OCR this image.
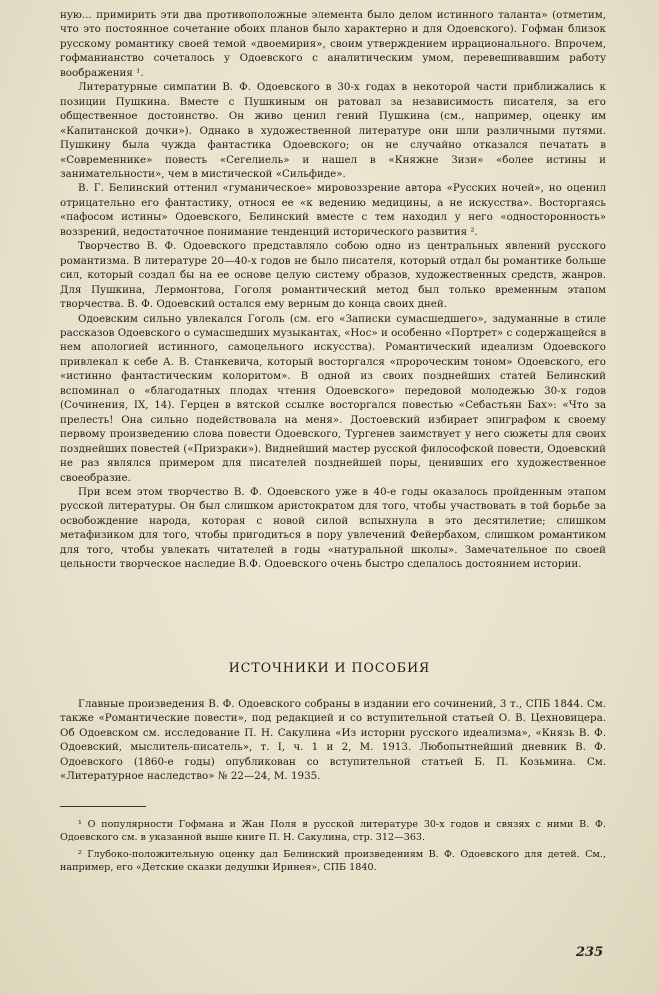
ную... примирить эти два противоположные элемента было делом истинного таланта» (отметим, что это постоянное сочетание обоих планов было характерно и для Одоевского). Гофман близок русскому романтику своей темой «двоемирия», своим утверждением иррационального. Впрочем, гофманианство сочеталось у Одоевского с аналитическим умом, перевешивавшим работу воображения ¹.

Литературные симпатии В. Ф. Одоевского в 30-х годах в некоторой части приближались к позиции Пушкина. Вместе с Пушкиным он ратовал за независимость писателя, за его общественное достоинство. Он живо ценил гений Пушкина (см., например, оценку им «Капитанской дочки»). Однако в художественной литературе они шли различными путями. Пушкину была чужда фантастика Одоевского; он не случайно отказался печатать в «Современнике» повесть «Сегелиель» и нашел в «Княжне Зизи» «более истины и занимательности», чем в мистической «Сильфиде».

В. Г. Белинский оттенил «гуманическое» мировоззрение автора «Русских ночей», но оценил отрицательно его фантастику, относя ее «к ведению медицины, а не искусства». Восторгаясь «пафосом истины» Одоевского, Белинский вместе с тем находил у него «односторонность» воззрений, недостаточное понимание тенденций исторического развития ².

Творчество В. Ф. Одоевского представляло собою одно из центральных явлений русского романтизма. В литературе 20—40-х годов не было писателя, который отдал бы романтике больше сил, который создал бы на ее основе целую систему образов, художественных средств, жанров. Для Пушкина, Лермонтова, Гоголя романтический метод был только временным этапом творчества. В. Ф. Одоевский остался ему верным до конца своих дней.

Одоевским сильно увлекался Гоголь (см. его «Записки сумасшедшего», задуманные в стиле рассказов Одоевского о сумасшедших музыкантах, «Нос» и особенно «Портрет» с содержащейся в нем апологией истинного, самоцельного искусства). Романтический идеализм Одоевского привлекал к себе А. В. Станкевича, который восторгался «пророческим тоном» Одоевского, его «истинно фантастическим колоритом». В одной из своих позднейших статей Белинский вспоминал о «благодатных плодах чтения Одоевского» передовой молодежью 30-х годов (Сочинения, IX, 14). Герцен в вятской ссылке восторгался повестью «Себастьян Бах»: «Что за прелесть! Она сильно подействовала на меня». Достоевский избирает эпиграфом к своему первому произведению слова повести Одоевского, Тургенев заимствует у него сюжеты для своих позднейших повестей («Призраки»). Виднейший мастер русской философской повести, Одоевский не раз являлся примером для писателей позднейшей поры, ценивших его художественное своеобразие.

При всем этом творчество В. Ф. Одоевского уже в 40-е годы оказалось пройденным этапом русской литературы. Он был слишком аристократом для того, чтобы участвовать в той борьбе за освобождение народа, которая с новой силой вспыхнула в это десятилетие; слишком метафизиком для того, чтобы пригодиться в пору увлечений Фейербахом, слишком романтиком для того, чтобы увлекать читателей в годы «натуральной школы». Замечательное по своей цельности творческое наследие В.Ф. Одоевского очень быстро сделалось достоянием истории.

ИСТОЧНИКИ И ПОСОБИЯ

Главные произведения В. Ф. Одоевского собраны в издании его сочинений, 3 т., СПБ 1844. См. также «Романтические повести», под редакцией и со вступительной статьей О. В. Цехновицера. Об Одоевском см. исследование П. Н. Сакулина «Из истории русского идеализма», «Князь В. Ф. Одоевский, мыслитель-писатель», т. I, ч. 1 и 2, М. 1913. Любопытнейший дневник В. Ф. Одоевского (1860-е годы) опубликован со вступительной статьей Б. П. Козьмина. См. «Литературное наследство» № 22—24, М. 1935.

¹ О популярности Гофмана и Жан Поля в русской литературе 30-х годов и связях с ними В. Ф. Одоевского см. в указанной выше книге П. Н. Сакулина, стр. 312—363.

² Глубоко-положительную оценку дал Белинский произведениям В. Ф. Одоевского для детей. См., например, его «Детские сказки дедушки Иринея», СПБ 1840.

235
